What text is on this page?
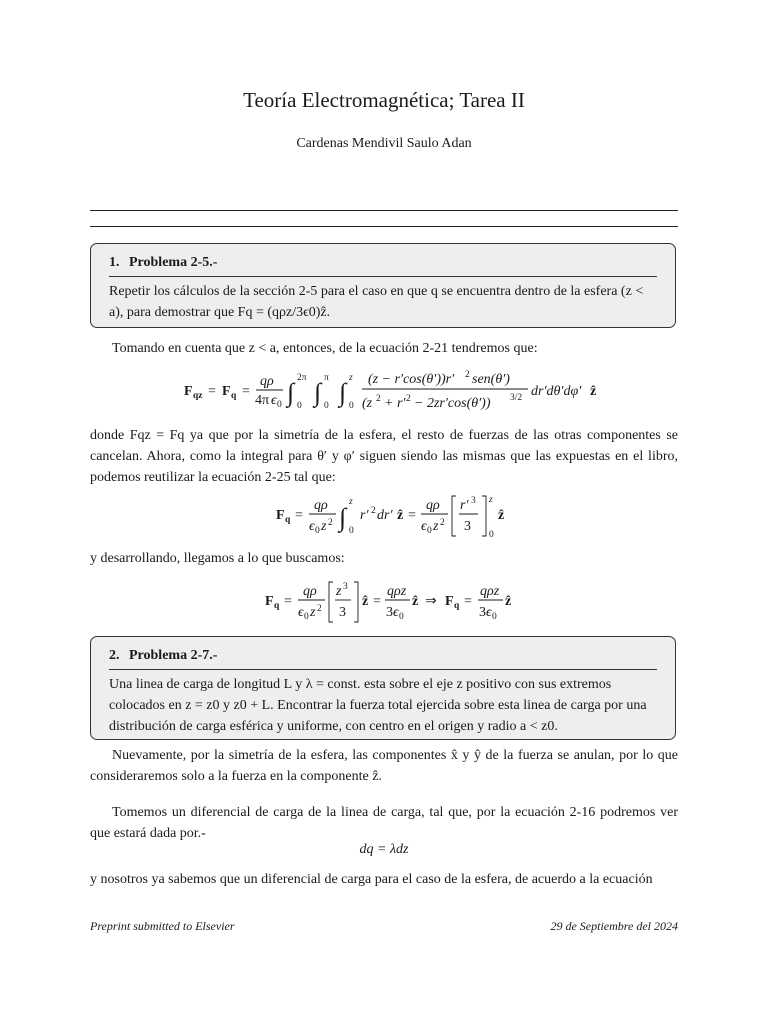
Teoría Electromagnética; Tarea II
Cardenas Mendivil Saulo Adan
1. Problema 2-5.-
Repetir los cálculos de la sección 2-5 para el caso en que q se encuentra dentro de la esfera (z < a), para demostrar que Fq = (qρz/3ϵ0)ẑ.
Tomando en cuenta que z < a, entonces, de la ecuación 2-21 tendremos que:
F qz = F q =
qρ
4π ϵ 0 ∫ 2π
0 ∫ π
0 ∫ z
0
(z − r′cos(θ′))r′ 2 sen(θ′)
(z 2 + r′ 2 − 2zr′cos(θ′)) 3/2 dr′dθ′dφ′ ẑ
donde Fqz = Fq ya que por la simetría de la esfera, el resto de fuerzas de las otras componentes se cancelan. Ahora, como la integral para θ′ y φ′ siguen siendo las mismas que las expuestas en el libro, podemos reutilizar la ecuación 2-25 tal que:
F q =
qρ
ϵ 0 z 2 ∫
z
0
r′ 2 dr′ ẑ =
qρ
ϵ 0 z 2
r′ 3
3
z
0
ẑ
y desarrollando, llegamos a lo que buscamos:
F q =
qρ
ϵ 0 z 2
z 3
3
ẑ =
qρz
3 ϵ 0
ẑ ⇒ F q =
qρz
3 ϵ 0
ẑ
2. Problema 2-7.-
Una linea de carga de longitud L y λ = const. esta sobre el eje z positivo con sus extremos colocados en z = z0 y z0 + L. Encontrar la fuerza total ejercida sobre esta linea de carga por una distribución de carga esférica y uniforme, con centro en el origen y radio a < z0.
Nuevamente, por la simetría de la esfera, las componentes x̂ y ŷ de la fuerza se anulan, por lo que consideraremos solo a la fuerza en la componente ẑ.
Tomemos un diferencial de carga de la linea de carga, tal que, por la ecuación 2-16 podremos ver que estará dada por.-
dq = λdz
y nosotros ya sabemos que un diferencial de carga para el caso de la esfera, de acuerdo a la ecuación
Preprint submitted to Elsevier	29 de Septiembre del 2024
